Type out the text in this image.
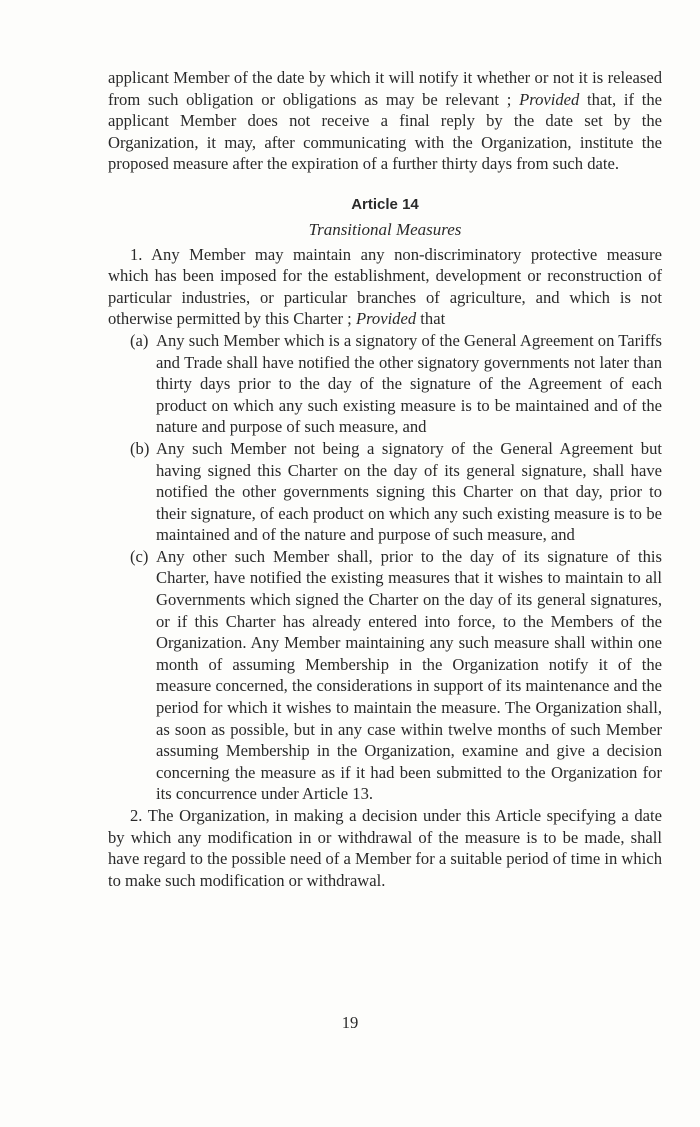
applicant Member of the date by which it will notify it whether or not it is released from such obligation or obligations as may be relevant ; Provided that, if the applicant Member does not receive a final reply by the date set by the Organization, it may, after communicating with the Organization, institute the proposed measure after the expiration of a further thirty days from such date.

Article 14

Transitional Measures

1. Any Member may maintain any non-discriminatory protective measure which has been imposed for the establishment, development or reconstruction of particular industries, or particular branches of agriculture, and which is not otherwise permitted by this Charter ; Provided that

(a) Any such Member which is a signatory of the General Agreement on Tariffs and Trade shall have notified the other signatory governments not later than thirty days prior to the day of the signature of the Agreement of each product on which any such existing measure is to be maintained and of the nature and purpose of such measure, and

(b) Any such Member not being a signatory of the General Agreement but having signed this Charter on the day of its general signature, shall have notified the other governments signing this Charter on that day, prior to their signature, of each product on which any such existing measure is to be maintained and of the nature and purpose of such measure, and

(c) Any other such Member shall, prior to the day of its signature of this Charter, have notified the existing measures that it wishes to maintain to all Governments which signed the Charter on the day of its general signatures, or if this Charter has already entered into force, to the Members of the Organization. Any Member maintaining any such measure shall within one month of assuming Membership in the Organization notify it of the measure concerned, the considerations in support of its maintenance and the period for which it wishes to maintain the measure. The Organization shall, as soon as possible, but in any case within twelve months of such Member assuming Membership in the Organization, examine and give a decision concerning the measure as if it had been submitted to the Organization for its concurrence under Article 13.

2. The Organization, in making a decision under this Article specifying a date by which any modification in or withdrawal of the measure is to be made, shall have regard to the possible need of a Member for a suitable period of time in which to make such modification or withdrawal.

19
